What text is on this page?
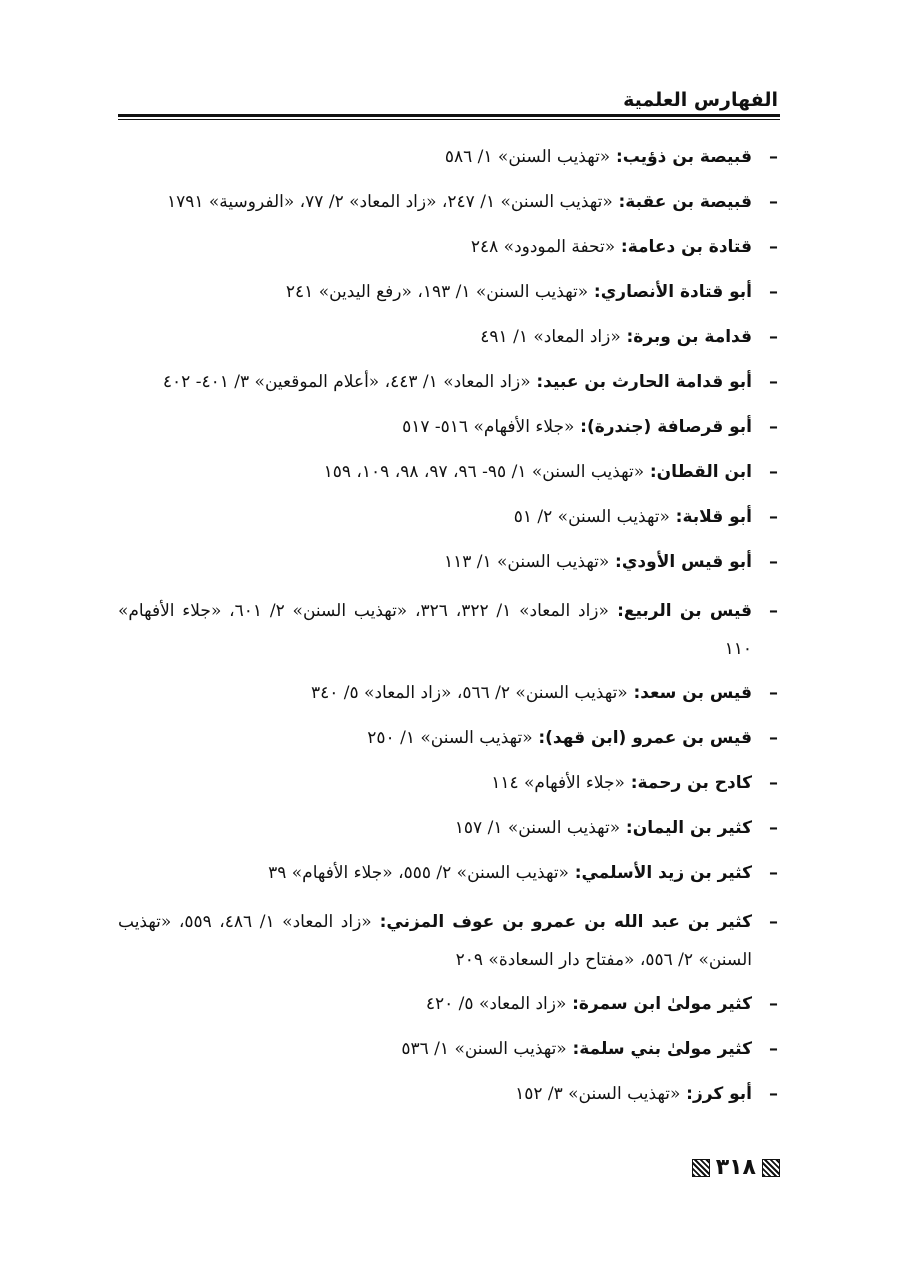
الفهارس العلمية
–
قبيصة بن ذؤيب: «تهذيب السنن» ١/ ٥٨٦
–
قبيصة بن عقبة: «تهذيب السنن» ١/ ٢٤٧، «زاد المعاد» ٢/ ٧٧، «الفروسية» ١٧٩١
–
قتادة بن دعامة: «تحفة المودود» ٢٤٨
–
أبو قتادة الأنصاري: «تهذيب السنن» ١/ ١٩٣، «رفع اليدين» ٢٤١
–
قدامة بن وبرة: «زاد المعاد» ١/ ٤٩١
–
أبو قدامة الحارث بن عبيد: «زاد المعاد» ١/ ٤٤٣، «أعلام الموقعين» ٣/ ٤٠١- ٤٠٢
–
أبو قرصافة (جندرة): «جلاء الأفهام» ٥١٦- ٥١٧
–
ابن القطان: «تهذيب السنن» ١/ ٩٥- ٩٦، ٩٧، ٩٨، ١٠٩، ١٥٩
–
أبو قلابة: «تهذيب السنن» ٢/ ٥١
–
أبو قيس الأودي: «تهذيب السنن» ١/ ١١٣
–
قيس بن الربيع: «زاد المعاد» ١/ ٣٢٢، ٣٢٦، «تهذيب السنن» ٢/ ٦٠١، «جلاء الأفهام» ١١٠
–
قيس بن سعد: «تهذيب السنن» ٢/ ٥٦٦، «زاد المعاد» ٥/ ٣٤٠
–
قيس بن عمرو (ابن قهد): «تهذيب السنن» ١/ ٢٥٠
–
كادح بن رحمة: «جلاء الأفهام» ١١٤
–
كثير بن اليمان: «تهذيب السنن» ١/ ١٥٧
–
كثير بن زيد الأسلمي: «تهذيب السنن» ٢/ ٥٥٥، «جلاء الأفهام» ٣٩
–
كثير بن عبد الله بن عمرو بن عوف المزني: «زاد المعاد» ١/ ٤٨٦، ٥٥٩، «تهذيب السنن» ٢/ ٥٥٦، «مفتاح دار السعادة» ٢٠٩
–
كثير مولىٰ ابن سمرة: «زاد المعاد» ٥/ ٤٢٠
–
كثير مولىٰ بني سلمة: «تهذيب السنن» ١/ ٥٣٦
–
أبو كرز: «تهذيب السنن» ٣/ ١٥٢
٣١٨
